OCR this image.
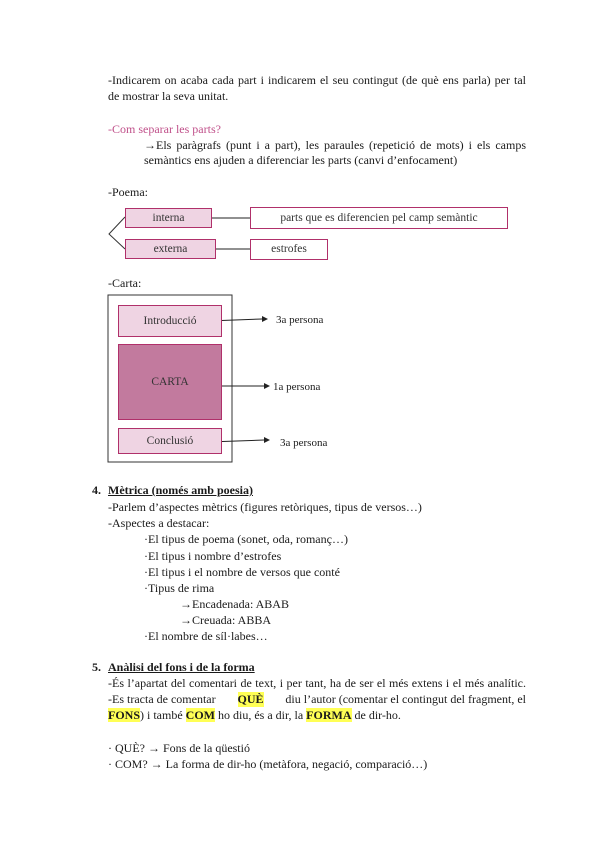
-Indicarem on acaba cada part i indicarem el seu contingut (de què ens parla) per tal
de mostrar la seva unitat.
-Com separar les parts?
→Els paràgrafs (punt i a part), les paraules (repetició de mots) i els camps
semàntics ens ajuden a diferenciar les parts (canvi d’enfocament)
-Poema:
interna
externa
parts que es diferencien pel camp semàntic
estrofes
-Carta:
Introducció
CARTA
Conclusió
3a persona
1a persona
3a persona
4. Mètrica (només amb poesia)
-Parlem d’aspectes mètrics (figures retòriques, tipus de versos…)
-Aspectes a destacar:
·El tipus de poema (sonet, oda, romanç…)
·El tipus i nombre d’estrofes
·El tipus i el nombre de versos que conté
·Tipus de rima
→Encadenada: ABAB
→Creuada: ABBA
·El nombre de síl·labes…
5. Anàlisi del fons i de la forma
-És l’apartat del comentari de text, i per tant, ha de ser el més extens i el més analític.
-Es tracta de comentar QUÈ diu l’autor (comentar el contingut del fragment, el
FONS) i també COM ho diu, és a dir, la FORMA de dir-ho.
· QUÈ? → Fons de la qüestió
· COM? → La forma de dir-ho (metàfora, negació, comparació…)
